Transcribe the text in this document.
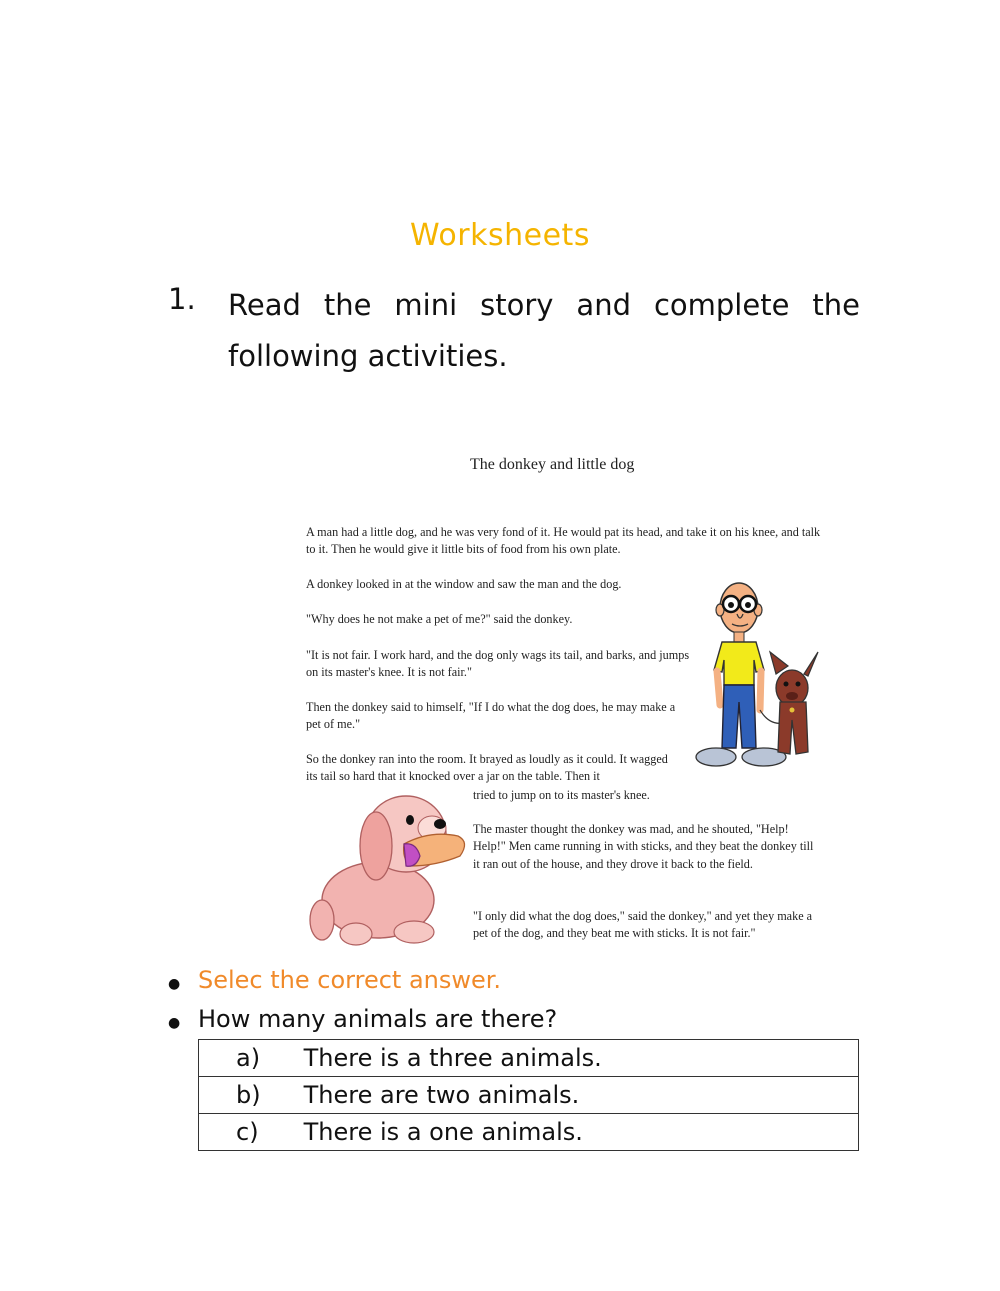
Worksheets
1. Read the mini story and complete the following activities.
The donkey and little dog

A man had a little dog, and he was very fond of it. He would pat its head, and take it on his knee, and talk to it. Then he would give it little bits of food from his own plate.

A donkey looked in at the window and saw the man and the dog.

"Why does he not make a pet of me?" said the donkey.

"It is not fair. I work hard, and the dog only wags its tail, and barks, and jumps on its master's knee. It is not fair."

Then the donkey said to himself, "If I do what the dog does, he may make a pet of me."

So the donkey ran into the room. It brayed as loudly as it could. It wagged its tail so hard that it knocked over a jar on the table. Then it

tried to jump on to its master's knee.

The master thought the donkey was mad, and he shouted, "Help! Help!" Men came running in with sticks, and they beat the donkey till it ran out of the house, and they drove it back to the field.

"I only did what the dog does," said the donkey," and yet they make a pet of the dog, and they beat me with sticks. It is not fair."

● Selec the correct answer.
● How many animals are there?
a) There is a three animals.
b) There are two animals.
c) There is a one animals.
